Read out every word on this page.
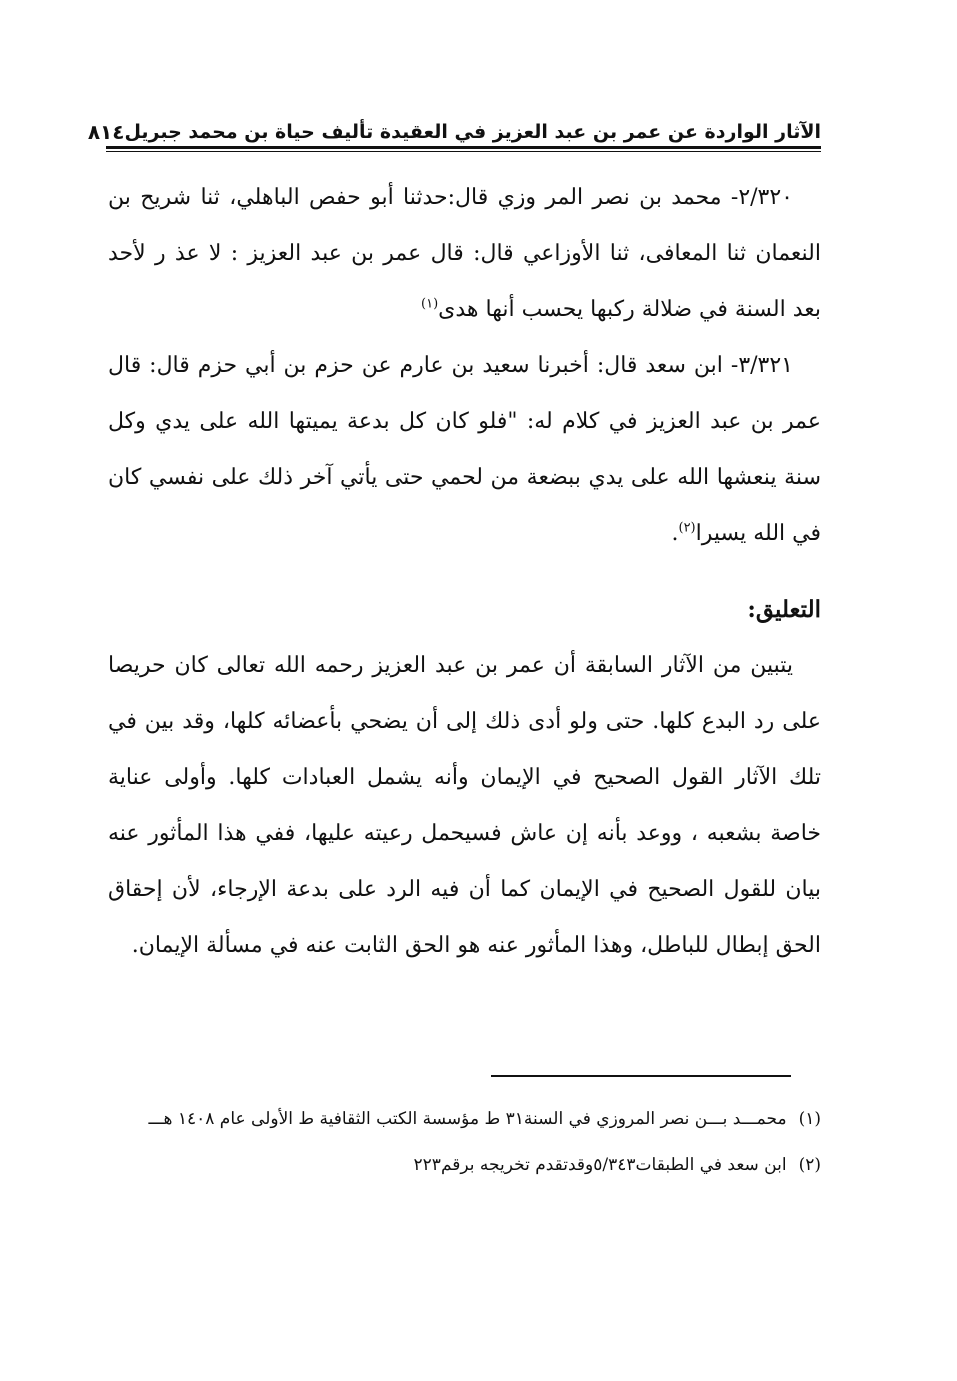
الآثار الواردة عن عمر بن عبد العزيز في العقيدة تأليف حياة بن محمد جبريل
٨١٤

٢/٣٢٠- محمد بن نصر المر وزي قال:حدثنا أبو حفص الباهلي، ثنا شريح بن النعمان ثنا المعافى، ثنا الأوزاعي قال: قال عمر بن عبد العزيز : لا عذ ر لأحد بعد السنة في ضلالة ركبها يحسب أنها هدى$^{(١)}$

٣/٣٢١- ابن سعد قال: أخبرنا سعيد بن عارم عن حزم بن أبي حزم قال: قال عمر بن عبد العزيز في كلام له: "فلو كان كل بدعة يميتها الله على يدي وكل سنة ينعشها الله على يدي ببضعة من لحمي حتى يأتي آخر ذلك على نفسي كان في الله يسيرا$^{(٢)}$.

التعليق:

يتبين من الآثار السابقة أن عمر بن عبد العزيز رحمه الله تعالى كان حريصا على رد البدع كلها. حتى ولو أدى ذلك إلى أن يضحي بأعضائه كلها، وقد بين في تلك الآثار القول الصحيح في الإيمان وأنه يشمل العبادات كلها. وأولى عناية خاصة بشعبه ، ووعد بأنه إن عاش فسيحمل رعيته عليها، ففي هذا المأثور عنه بيان للقول الصحيح في الإيمان كما أن فيه الرد على بدعة الإرجاء، لأن إحقاق الحق إبطال للباطل، وهذا المأثور عنه هو الحق الثابت عنه في مسألة الإيمان.

(١)
محمـــد بـــن نصر المروزي في السنة٣١ ط مؤسسة الكتب الثقافية ط الأولى عام ١٤٠٨ هـــ

(٢)
ابن سعد في الطبقات٥/٣٤٣وقدتقدم تخريجه برقم٢٢٣
